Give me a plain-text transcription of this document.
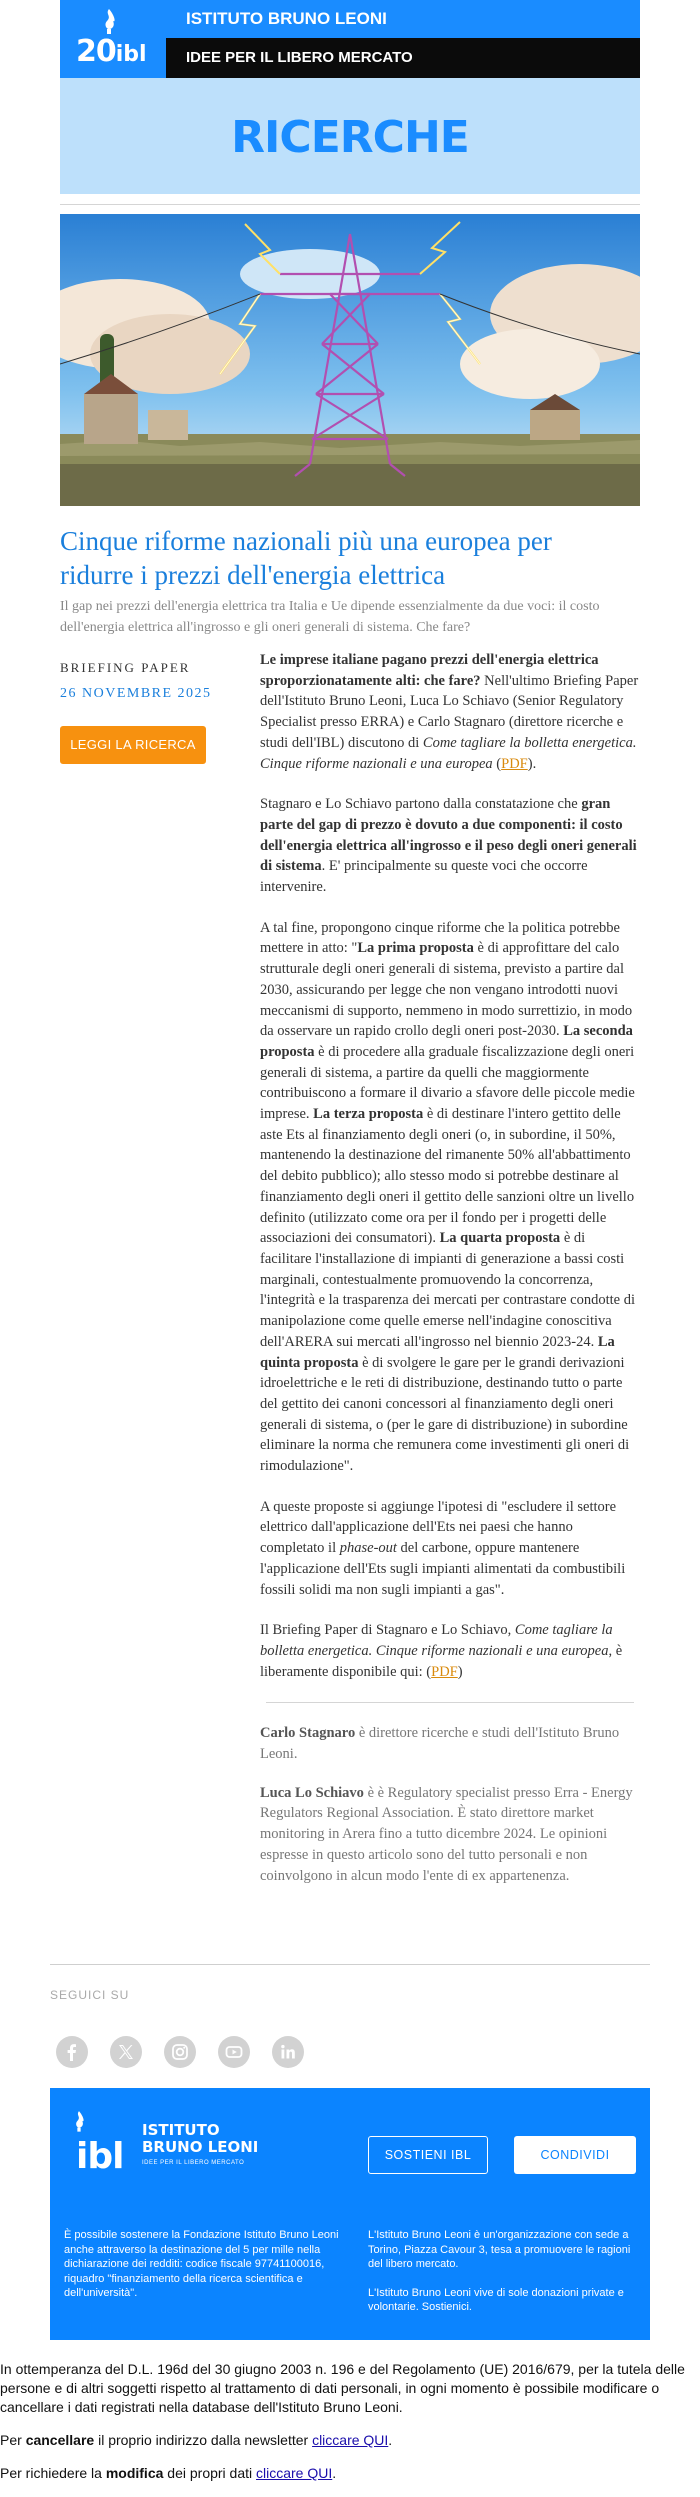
20ibl
ISTITUTO BRUNO LEONI
IDEE PER IL LIBERO MERCATO
RICERCHE
Cinque riforme nazionali più una europea per ridurre i prezzi dell'energia elettrica
Il gap nei prezzi dell'energia elettrica tra Italia e Ue dipende essenzialmente da due voci: il costo dell'energia elettrica all'ingrosso e gli oneri generali di sistema. Che fare?
BRIEFING PAPER
26 NOVEMBRE 2025
LEGGI LA RICERCA

Le imprese italiane pagano prezzi dell'energia elettrica sproporzionatamente alti: che fare? Nell'ultimo Briefing Paper dell'Istituto Bruno Leoni, Luca Lo Schiavo (Senior Regulatory Specialist presso ERRA) e Carlo Stagnaro (direttore ricerche e studi dell'IBL) discutono di Come tagliare la bolletta energetica. Cinque riforme nazionali e una europea (PDF).

Stagnaro e Lo Schiavo partono dalla constatazione che gran parte del gap di prezzo è dovuto a due componenti: il costo dell'energia elettrica all'ingrosso e il peso degli oneri generali di sistema. E' principalmente su queste voci che occorre intervenire.

A tal fine, propongono cinque riforme che la politica potrebbe mettere in atto: "La prima proposta è di approfittare del calo strutturale degli oneri generali di sistema, previsto a partire dal 2030, assicurando per legge che non vengano introdotti nuovi meccanismi di supporto, nemmeno in modo surrettizio, in modo da osservare un rapido crollo degli oneri post-2030. La seconda proposta è di procedere alla graduale fiscalizzazione degli oneri generali di sistema, a partire da quelli che maggiormente contribuiscono a formare il divario a sfavore delle piccole medie imprese. La terza proposta è di destinare l'intero gettito delle aste Ets al finanziamento degli oneri (o, in subordine, il 50%, mantenendo la destinazione del rimanente 50% all'abbattimento del debito pubblico); allo stesso modo si potrebbe destinare al finanziamento degli oneri il gettito delle sanzioni oltre un livello definito (utilizzato come ora per il fondo per i progetti delle associazioni dei consumatori). La quarta proposta è di facilitare l'installazione di impianti di generazione a bassi costi marginali, contestualmente promuovendo la concorrenza, l'integrità e la trasparenza dei mercati per contrastare condotte di manipolazione come quelle emerse nell'indagine conoscitiva dell'ARERA sui mercati all'ingrosso nel biennio 2023-24. La quinta proposta è di svolgere le gare per le grandi derivazioni idroelettriche e le reti di distribuzione, destinando tutto o parte del gettito dei canoni concessori al finanziamento degli oneri generali di sistema, o (per le gare di distribuzione) in subordine eliminare la norma che remunera come investimenti gli oneri di rimodulazione".

A queste proposte si aggiunge l'ipotesi di "escludere il settore elettrico dall'applicazione dell'Ets nei paesi che hanno completato il phase-out del carbone, oppure mantenere l'applicazione dell'Ets sugli impianti alimentati da combustibili fossili solidi ma non sugli impianti a gas".

Il Briefing Paper di Stagnaro e Lo Schiavo, Come tagliare la bolletta energetica. Cinque riforme nazionali e una europea, è liberamente disponibile qui: (PDF)

Carlo Stagnaro è direttore ricerche e studi dell'Istituto Bruno Leoni.

Luca Lo Schiavo è è Regulatory specialist presso Erra - Energy Regulators Regional Association. È stato direttore market monitoring in Arera fino a tutto dicembre 2024. Le opinioni espresse in questo articolo sono del tutto personali e non coinvolgono in alcun modo l'ente di ex appartenenza.

SEGUICI SU
ibl
ISTITUTO
BRUNO LEONI
IDEE PER IL LIBERO MERCATO
SOSTIENI IBL	CONDIVIDI
È possibile sostenere la Fondazione Istituto Bruno Leoni anche attraverso la destinazione del 5 per mille nella dichiarazione dei redditi: codice fiscale 97741100016, riquadro "finanziamento della ricerca scientifica e dell'università".

L'Istituto Bruno Leoni è un'organizzazione con sede a Torino, Piazza Cavour 3, tesa a promuovere le ragioni del libero mercato.

L'Istituto Bruno Leoni vive di sole donazioni private e volontarie. Sostienici.

In ottemperanza del D.L. 196d del 30 giugno 2003 n. 196 e del Regolamento (UE) 2016/679, per la tutela delle persone e di altri soggetti rispetto al trattamento di dati personali, in ogni momento è possibile modificare o cancellare i dati registrati nella database dell'Istituto Bruno Leoni.

Per cancellare il proprio indirizzo dalla newsletter cliccare QUI.

Per richiedere la modifica dei propri dati cliccare QUI.
